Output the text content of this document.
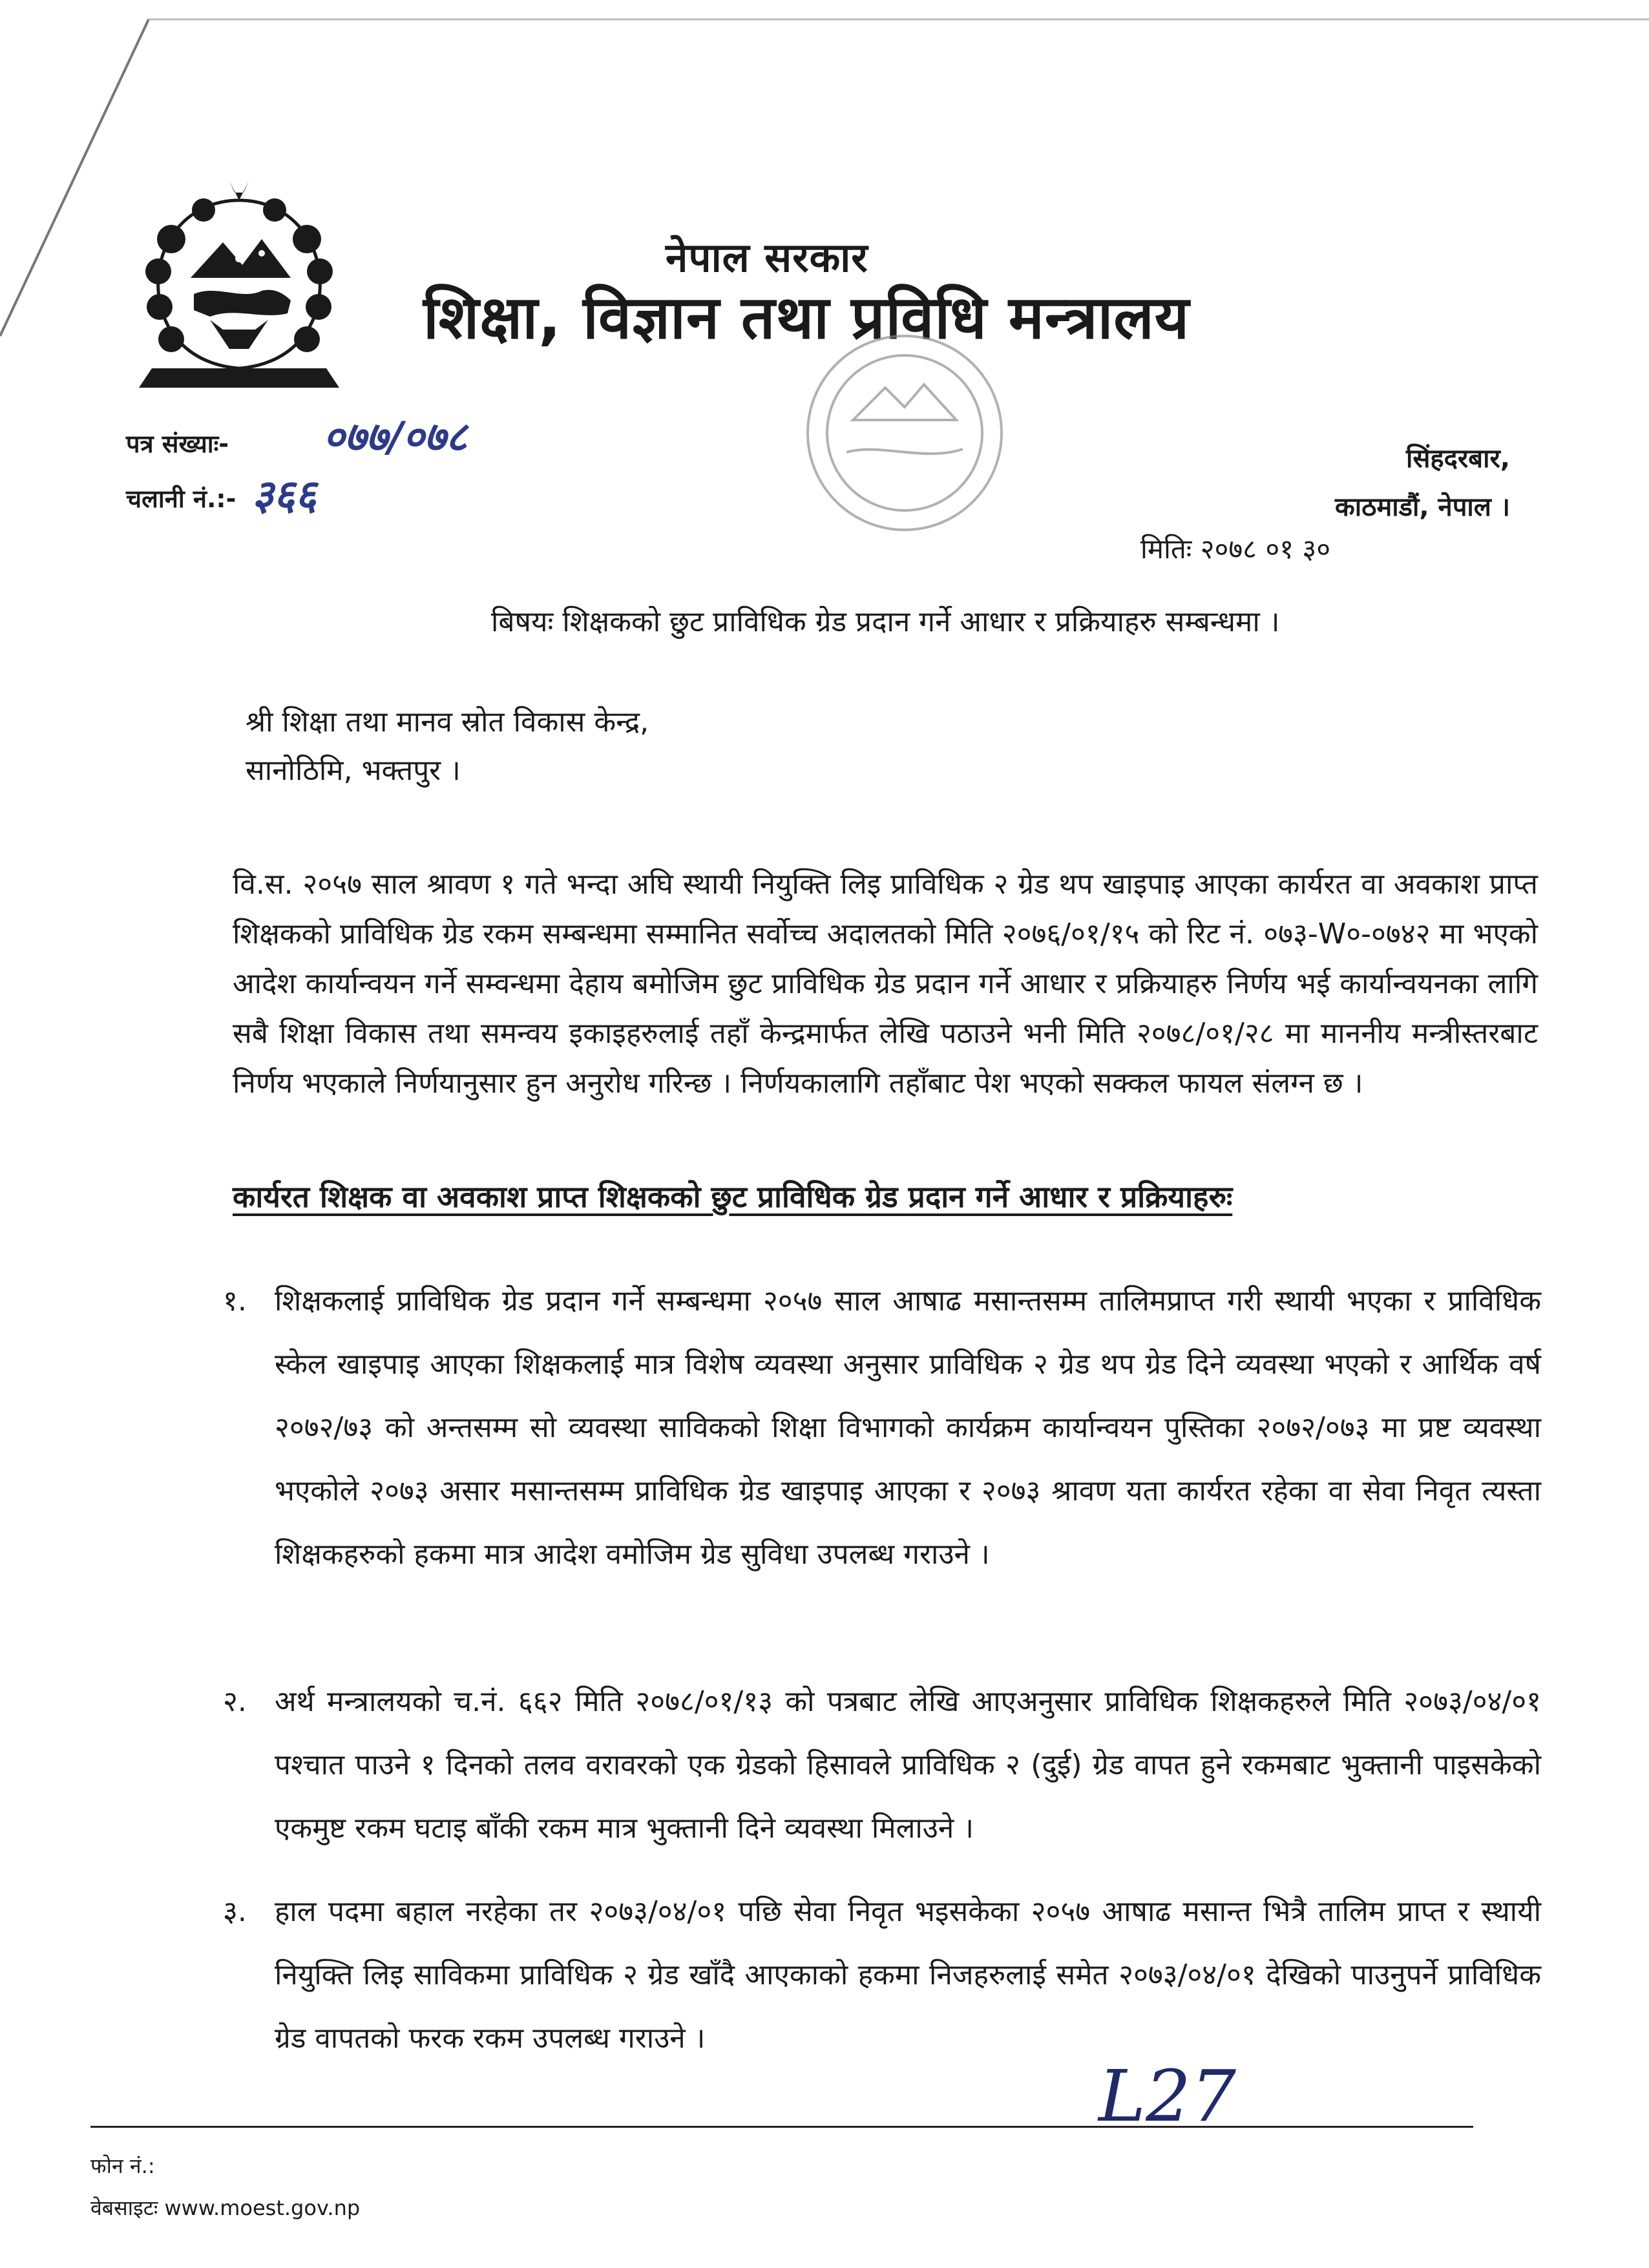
नेपाल सरकार
शिक्षा, विज्ञान तथा प्रविधि मन्त्रालय
पत्र संख्याः- ०७७/०७८
चलानी नं.:- ३६६
सिंहदरबार,
काठमाडौं, नेपाल ।
मितिः २०७८ ०१ ३०
बिषयः शिक्षकको छुट प्राविधिक ग्रेड प्रदान गर्ने आधार र प्रक्रियाहरु सम्बन्धमा ।
श्री शिक्षा तथा मानव स्रोत विकास केन्द्र,
सानोठिमि, भक्तपुर ।
वि.स. २०५७ साल श्रावण १ गते भन्दा अघि स्थायी नियुक्ति लिइ प्राविधिक २ ग्रेड थप खाइपाइ आएका कार्यरत वा अवकाश प्राप्त शिक्षकको प्राविधिक ग्रेड रकम सम्बन्धमा सम्मानित सर्वोच्च अदालतको मिति २०७६/०१/१५ को रिट नं. ०७३-W०-०७४२ मा भएको आदेश कार्यान्वयन गर्ने सम्वन्धमा देहाय बमोजिम छुट प्राविधिक ग्रेड प्रदान गर्ने आधार र प्रक्रियाहरु निर्णय भई कार्यान्वयनका लागि सबै शिक्षा विकास तथा समन्वय इकाइहरुलाई तहाँ केन्द्रमार्फत लेखि पठाउने भनी मिति २०७८/०१/२८ मा माननीय मन्त्रीस्तरबाट निर्णय भएकाले निर्णयानुसार हुन अनुरोध गरिन्छ । निर्णयकालागि तहाँबाट पेश भएको सक्कल फायल संलग्न छ ।
कार्यरत शिक्षक वा अवकाश प्राप्त शिक्षकको छुट प्राविधिक ग्रेड प्रदान गर्ने आधार र प्रक्रियाहरुः
१. शिक्षकलाई प्राविधिक ग्रेड प्रदान गर्ने सम्बन्धमा २०५७ साल आषाढ मसान्तसम्म तालिमप्राप्त गरी स्थायी भएका र प्राविधिक स्केल खाइपाइ आएका शिक्षकलाई मात्र विशेष व्यवस्था अनुसार प्राविधिक २ ग्रेड थप ग्रेड दिने व्यवस्था भएको र आर्थिक वर्ष २०७२/७३ को अन्तसम्म सो व्यवस्था साविकको शिक्षा विभागको कार्यक्रम कार्यान्वयन पुस्तिका २०७२/०७३ मा प्रष्ट व्यवस्था भएकोले २०७३ असार मसान्तसम्म प्राविधिक ग्रेड खाइपाइ आएका र २०७३ श्रावण यता कार्यरत रहेका वा सेवा निवृत त्यस्ता शिक्षकहरुको हकमा मात्र आदेश वमोजिम ग्रेड सुविधा उपलब्ध गराउने ।
२. अर्थ मन्त्रालयको च.नं. ६६२ मिति २०७८/०१/१३ को पत्रबाट लेखि आएअनुसार प्राविधिक शिक्षकहरुले मिति २०७३/०४/०१ पश्चात पाउने १ दिनको तलव वरावरको एक ग्रेडको हिसावले प्राविधिक २ (दुई) ग्रेड वापत हुने रकमबाट भुक्तानी पाइसकेको एकमुष्ट रकम घटाइ बाँकी रकम मात्र भुक्तानी दिने व्यवस्था मिलाउने ।
३. हाल पदमा बहाल नरहेका तर २०७३/०४/०१ पछि सेवा निवृत भइसकेका २०५७ आषाढ मसान्त भित्रै तालिम प्राप्त र स्थायी नियुक्ति लिइ साविकमा प्राविधिक २ ग्रेड खाँदै आएकाको हकमा निजहरुलाई समेत २०७३/०४/०१ देखिको पाउनुपर्ने प्राविधिक ग्रेड वापतको फरक रकम उपलब्ध गराउने ।
L27
फोन नं.:
वेबसाइटः www.moest.gov.np
